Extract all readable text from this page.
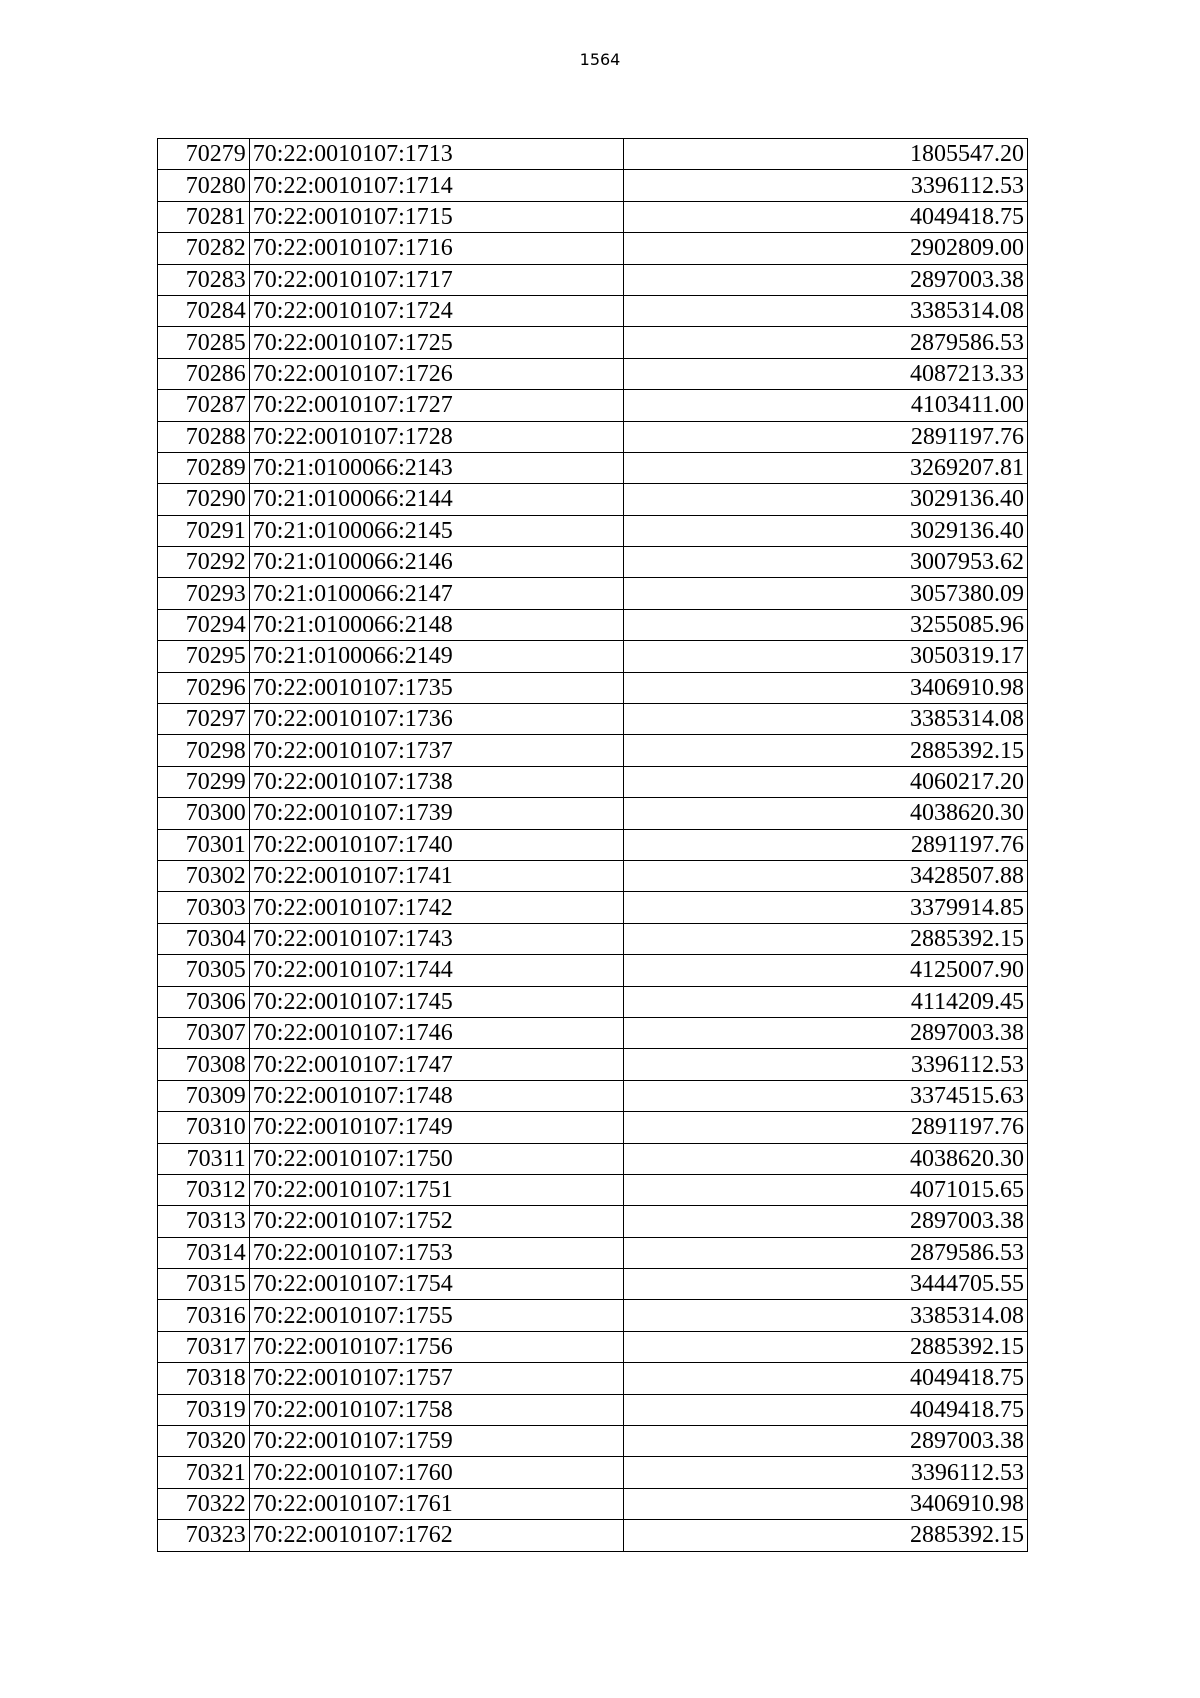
1564
70279	70:22:0010107:1713	1805547.20
70280	70:22:0010107:1714	3396112.53
70281	70:22:0010107:1715	4049418.75
70282	70:22:0010107:1716	2902809.00
70283	70:22:0010107:1717	2897003.38
70284	70:22:0010107:1724	3385314.08
70285	70:22:0010107:1725	2879586.53
70286	70:22:0010107:1726	4087213.33
70287	70:22:0010107:1727	4103411.00
70288	70:22:0010107:1728	2891197.76
70289	70:21:0100066:2143	3269207.81
70290	70:21:0100066:2144	3029136.40
70291	70:21:0100066:2145	3029136.40
70292	70:21:0100066:2146	3007953.62
70293	70:21:0100066:2147	3057380.09
70294	70:21:0100066:2148	3255085.96
70295	70:21:0100066:2149	3050319.17
70296	70:22:0010107:1735	3406910.98
70297	70:22:0010107:1736	3385314.08
70298	70:22:0010107:1737	2885392.15
70299	70:22:0010107:1738	4060217.20
70300	70:22:0010107:1739	4038620.30
70301	70:22:0010107:1740	2891197.76
70302	70:22:0010107:1741	3428507.88
70303	70:22:0010107:1742	3379914.85
70304	70:22:0010107:1743	2885392.15
70305	70:22:0010107:1744	4125007.90
70306	70:22:0010107:1745	4114209.45
70307	70:22:0010107:1746	2897003.38
70308	70:22:0010107:1747	3396112.53
70309	70:22:0010107:1748	3374515.63
70310	70:22:0010107:1749	2891197.76
70311	70:22:0010107:1750	4038620.30
70312	70:22:0010107:1751	4071015.65
70313	70:22:0010107:1752	2897003.38
70314	70:22:0010107:1753	2879586.53
70315	70:22:0010107:1754	3444705.55
70316	70:22:0010107:1755	3385314.08
70317	70:22:0010107:1756	2885392.15
70318	70:22:0010107:1757	4049418.75
70319	70:22:0010107:1758	4049418.75
70320	70:22:0010107:1759	2897003.38
70321	70:22:0010107:1760	3396112.53
70322	70:22:0010107:1761	3406910.98
70323	70:22:0010107:1762	2885392.15
